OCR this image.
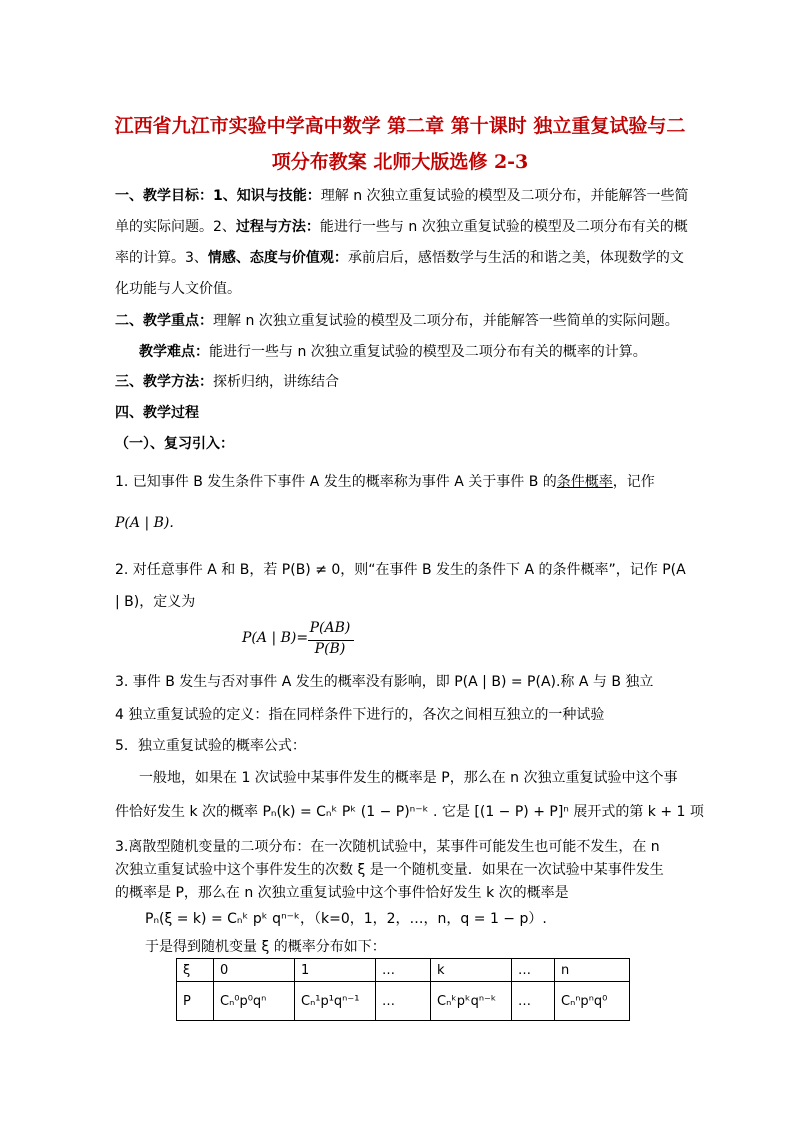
江西省九江市实验中学高中数学 第二章 第十课时 独立重复试验与二
项分布教案 北师大版选修 2-3
一、教学目标：1、知识与技能：理解 n 次独立重复试验的模型及二项分布，并能解答一些简
单的实际问题。2、过程与方法：能进行一些与 n 次独立重复试验的模型及二项分布有关的概
率的计算。3、情感、态度与价值观：承前启后，感悟数学与生活的和谐之美，体现数学的文
化功能与人文价值。
二、教学重点：理解 n 次独立重复试验的模型及二项分布，并能解答一些简单的实际问题。
教学难点：能进行一些与 n 次独立重复试验的模型及二项分布有关的概率的计算。
三、教学方法：探析归纳，讲练结合
四、教学过程
（一）、复习引入：
1. 已知事件 B 发生条件下事件 A 发生的概率称为事件 A 关于事件 B 的条件概率，记作
P(A | B).
2. 对任意事件 A 和 B，若 P(B) ≠ 0，则“在事件 B 发生的条件下 A 的条件概率”，记作 P(A
| B)，定义为
P(A | B)=
P(AB)
P(B)
3. 事件 B 发生与否对事件 A 发生的概率没有影响，即 P(A | B) = P(A).称 A 与 B 独立
4 独立重复试验的定义：指在同样条件下进行的，各次之间相互独立的一种试验
5．独立重复试验的概率公式：
一般地，如果在 1 次试验中某事件发生的概率是 P，那么在 n 次独立重复试验中这个事
件恰好发生 k 次的概率 Pₙ(k) = Cₙᵏ Pᵏ (1 − P)ⁿ⁻ᵏ . 它是 [(1 − P) + P]ⁿ 展开式的第 k + 1 项
3.离散型随机变量的二项分布：在一次随机试验中，某事件可能发生也可能不发生，在 n
次独立重复试验中这个事件发生的次数 ξ 是一个随机变量．如果在一次试验中某事件发生
的概率是 P，那么在 n 次独立重复试验中这个事件恰好发生 k 次的概率是
Pₙ(ξ = k) = Cₙᵏ pᵏ qⁿ⁻ᵏ，（k=0，1，2，…，n，q = 1 − p）.
于是得到随机变量 ξ 的概率分布如下：
ξ	0	1	…	k	…	n
P	Cₙ⁰p⁰qⁿ	Cₙ¹p¹qⁿ⁻¹	…	Cₙᵏpᵏqⁿ⁻ᵏ	…	Cₙⁿpⁿq⁰
